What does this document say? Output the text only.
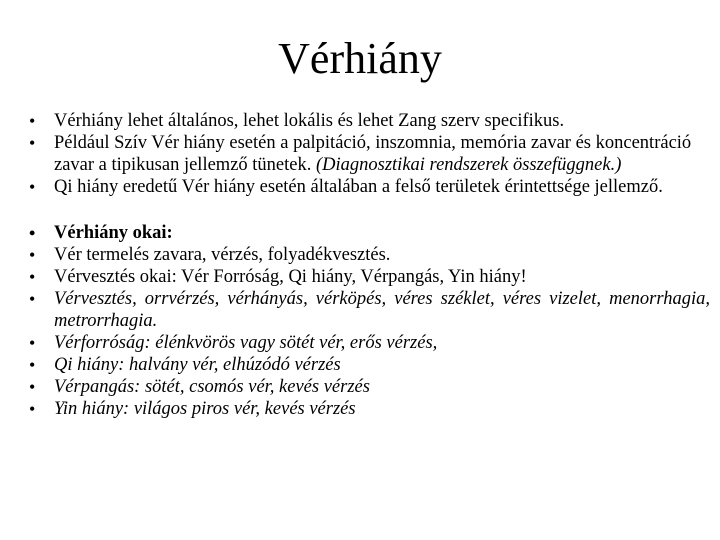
Vérhiány
• Vérhiány lehet általános, lehet lokális és lehet Zang szerv specifikus.
• Például Szív Vér hiány esetén a palpitáció, inszomnia, memória zavar és koncentráció zavar a tipikusan jellemző tünetek. (Diagnosztikai rendszerek összefüggnek.)
• Qi hiány eredetű Vér hiány esetén általában a felső területek érintettsége jellemző.
• Vérhiány okai:
• Vér termelés zavara, vérzés, folyadékvesztés.
• Vérvesztés okai: Vér Forróság, Qi hiány, Vérpangás, Yin hiány!
• Vérvesztés, orrvérzés, vérhányás, vérköpés, véres széklet, véres vizelet, menorrhagia, metrorrhagia.
• Vérforróság: élénkvörös vagy sötét vér, erős vérzés,
• Qi hiány: halvány vér, elhúzódó vérzés
• Vérpangás: sötét, csomós vér, kevés vérzés
• Yin hiány: világos piros vér, kevés vérzés
